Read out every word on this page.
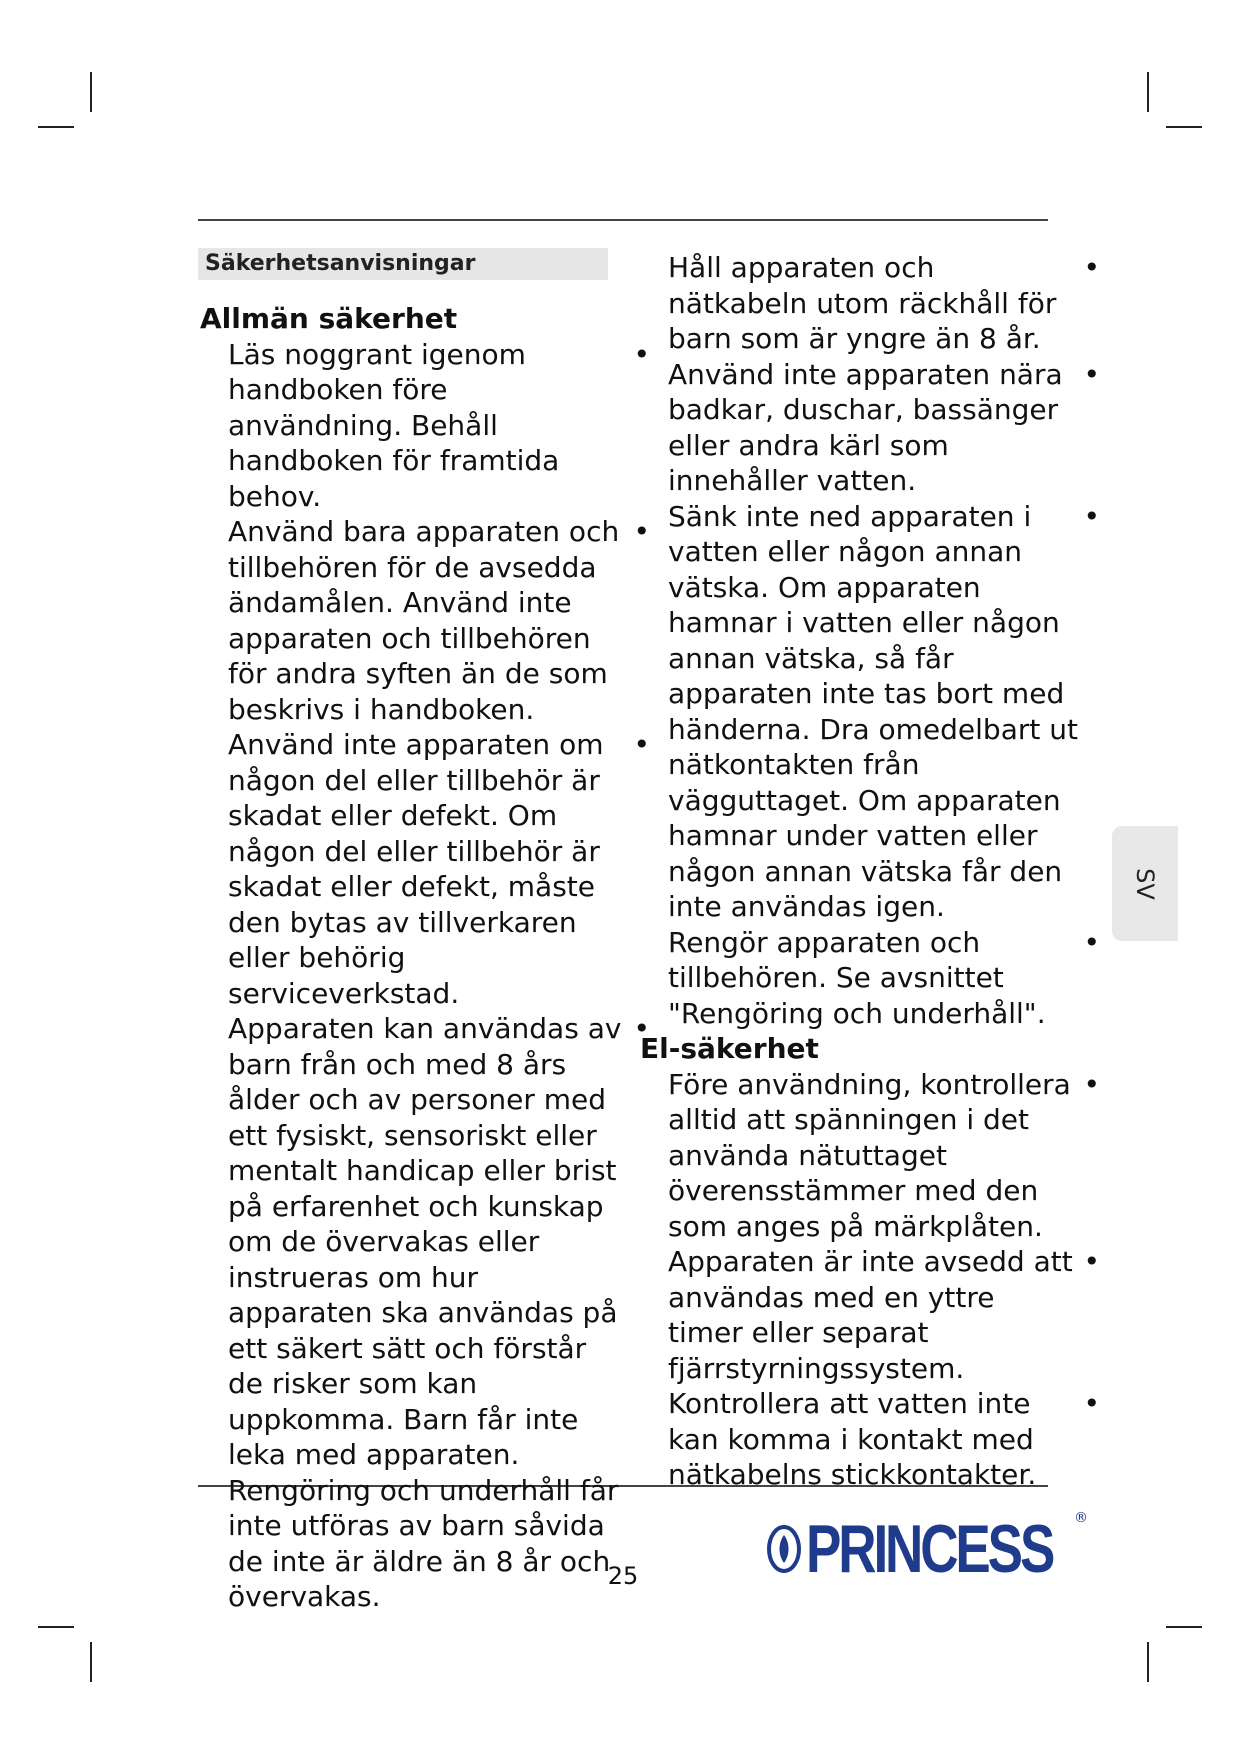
Säkerhetsanvisningar
Allmän säkerhet
Läs noggrant igenom handboken före användning. Behåll handboken för framtida behov.
•
Använd bara apparaten och tillbehören för de avsedda ändamålen. Använd inte apparaten och tillbehören för andra syften än de som beskrivs i handboken.
•
Använd inte apparaten om någon del eller tillbehör är skadat eller defekt. Om någon del eller tillbehör är skadat eller defekt, måste den bytas av tillverkaren eller behörig serviceverkstad.
•
Apparaten kan användas av barn från och med 8 års ålder och av personer med ett fysiskt, sensoriskt eller mentalt handicap eller brist på erfarenhet och kunskap om de övervakas eller instrueras om hur apparaten ska användas på ett säkert sätt och förstår de risker som kan uppkomma. Barn får inte leka med apparaten. Rengöring och underhåll får inte utföras av barn såvida de inte är äldre än 8 år och övervakas.
•
Håll apparaten och nätkabeln utom räckhåll för barn som är yngre än 8 år.
•
Använd inte apparaten nära badkar, duschar, bassänger eller andra kärl som innehåller vatten.
•
Sänk inte ned apparaten i vatten eller någon annan vätska. Om apparaten hamnar i vatten eller någon annan vätska, så får apparaten inte tas bort med händerna. Dra omedelbart ut nätkontakten från vägguttaget. Om apparaten hamnar under vatten eller någon annan vätska får den inte användas igen.
•
Rengör apparaten och tillbehören. Se avsnittet "Rengöring och underhåll".
•
El-säkerhet
Före användning, kontrollera alltid att spänningen i det använda nätuttaget överensstämmer med den som anges på märkplåten.
•
Apparaten är inte avsedd att användas med en yttre timer eller separat fjärrstyrningssystem.
•
Kontrollera att vatten inte kan komma i kontakt med nätkabelns stickkontakter.
•
SV
25 PRINCESS ®
